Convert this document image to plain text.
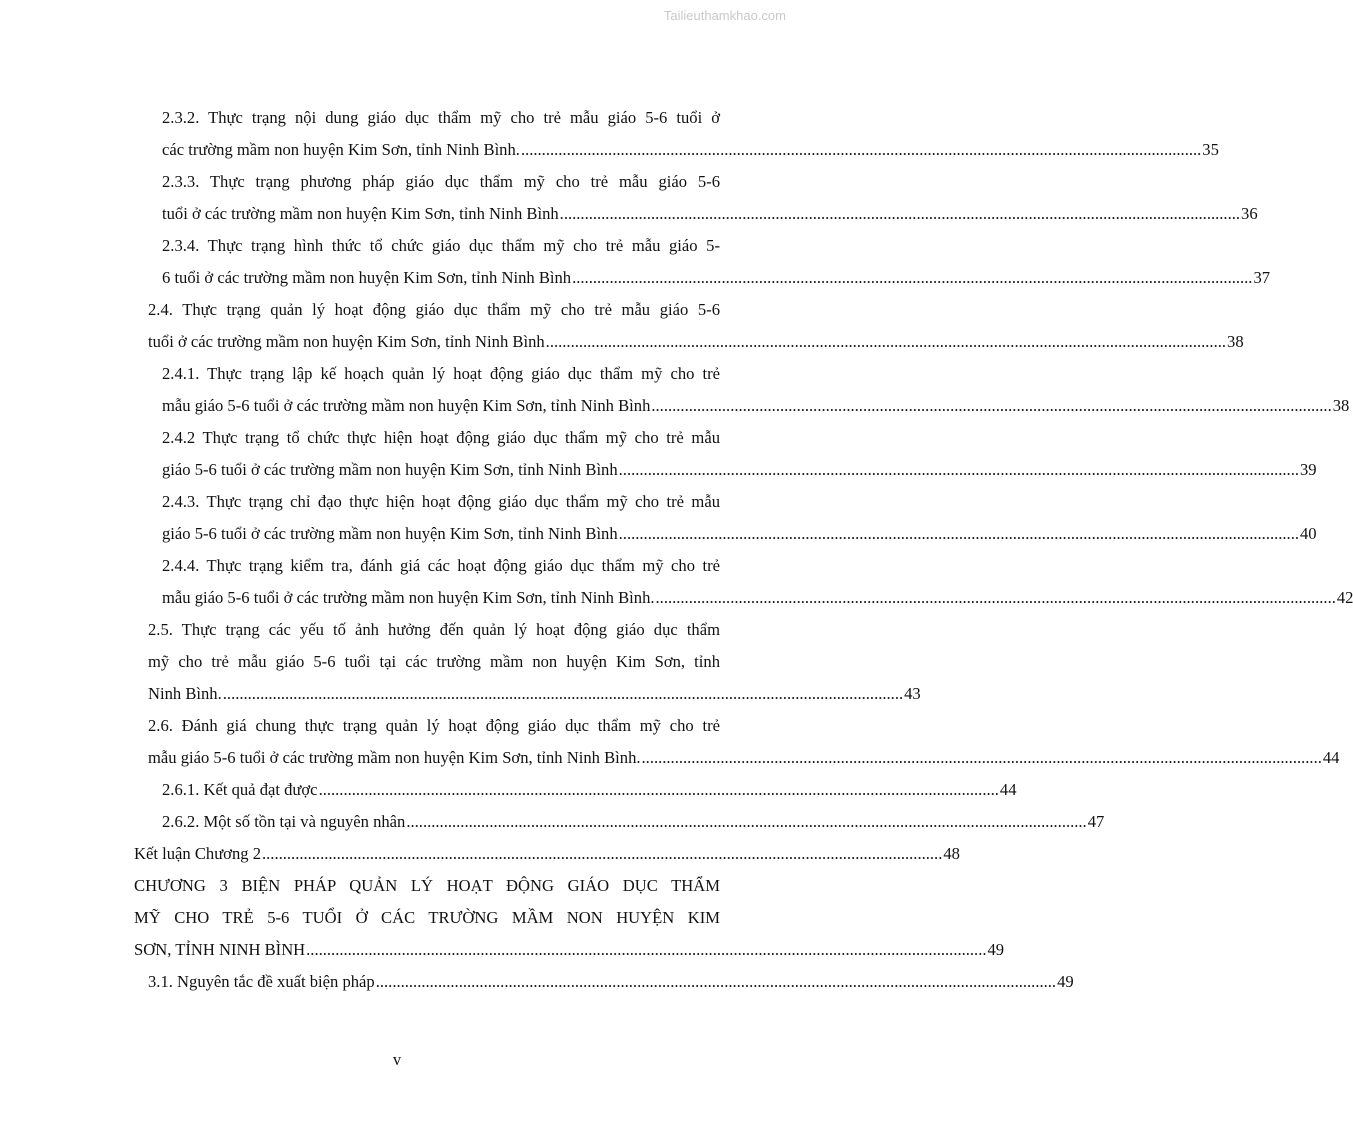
Tailieuthamkhao.com
2.3.2. Thực trạng nội dung giáo dục thẩm mỹ cho trẻ mẫu giáo 5-6 tuổi ở
các trường mầm non huyện Kim Sơn, tỉnh Ninh Bình. .................................................................................................................................................................... 35
2.3.3. Thực trạng phương pháp giáo dục thẩm mỹ cho trẻ mẫu giáo 5-6
tuổi ở các trường mầm non huyện Kim Sơn, tỉnh Ninh Bình .................................................................................................................................................................... 36
2.3.4. Thực trạng hình thức tổ chức giáo dục thẩm mỹ cho trẻ mẫu giáo 5-
6 tuổi ở các trường mầm non huyện Kim Sơn, tỉnh Ninh Bình .................................................................................................................................................................... 37
2.4. Thực trạng quản lý hoạt động giáo dục thẩm mỹ cho trẻ mẫu giáo 5-6
tuổi ở các trường mầm non huyện Kim Sơn, tỉnh Ninh Bình .................................................................................................................................................................... 38
2.4.1. Thực trạng lập kế hoạch quản lý hoạt động giáo dục thẩm mỹ cho trẻ
mẫu giáo 5-6 tuổi ở các trường mầm non huyện Kim Sơn, tỉnh Ninh Bình .................................................................................................................................................................... 38
2.4.2 Thực trạng tổ chức thực hiện hoạt động giáo dục thẩm mỹ cho trẻ mẫu
giáo 5-6 tuổi ở các trường mầm non huyện Kim Sơn, tỉnh Ninh Bình .................................................................................................................................................................... 39
2.4.3. Thực trạng chỉ đạo thực hiện hoạt động giáo dục thẩm mỹ cho trẻ mẫu
giáo 5-6 tuổi ở các trường mầm non huyện Kim Sơn, tỉnh Ninh Bình .................................................................................................................................................................... 40
2.4.4. Thực trạng kiểm tra, đánh giá các hoạt động giáo dục thẩm mỹ cho trẻ
mẫu giáo 5-6 tuổi ở các trường mầm non huyện Kim Sơn, tỉnh Ninh Bình. .................................................................................................................................................................... 42
2.5. Thực trạng các yếu tố ảnh hưởng đến quản lý hoạt động giáo dục thẩm
mỹ cho trẻ mẫu giáo 5-6 tuổi tại các trường mầm non huyện Kim Sơn, tỉnh
Ninh Bình. .................................................................................................................................................................... 43
2.6. Đánh giá chung thực trạng quản lý hoạt động giáo dục thẩm mỹ cho trẻ
mẫu giáo 5-6 tuổi ở các trường mầm non huyện Kim Sơn, tỉnh Ninh Bình. .................................................................................................................................................................... 44
2.6.1. Kết quả đạt được .................................................................................................................................................................... 44
2.6.2. Một số tồn tại và nguyên nhân .................................................................................................................................................................... 47
Kết luận Chương 2 .................................................................................................................................................................... 48
CHƯƠNG 3 BIỆN PHÁP QUẢN LÝ HOẠT ĐỘNG GIÁO DỤC THẨM
MỸ CHO TRẺ 5-6 TUỔI Ở CÁC TRƯỜNG MẦM NON HUYỆN KIM
SƠN, TỈNH NINH BÌNH .................................................................................................................................................................... 49
3.1. Nguyên tắc đề xuất biện pháp .................................................................................................................................................................... 49
v
